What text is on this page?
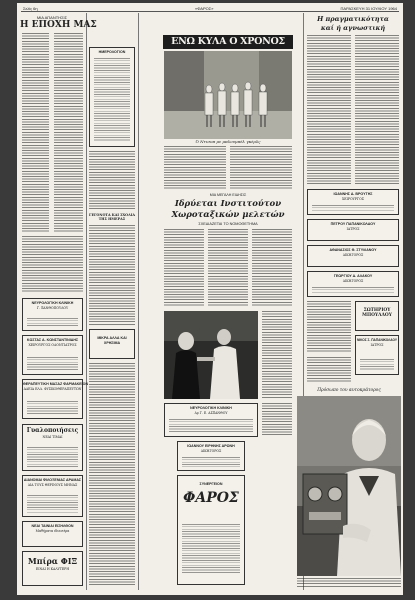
Σελίς 6η	«ΦΑΡΟΣ»	ΠΑΡΑΣΚΕΥΗ 31 ΙΟΥΛΙΟΥ 1964
ΜΙΑ ΑΠΑΝΤΗΣΙΣ
Η ΕΠΟΧΗ ΜΑΣ
ΝΕΥΡΟΛΟΓΙΚΗ ΚΛΙΝΙΚΗ
Γ. ΞΑΝΘΟΠΟΥΛΟΥ
ΚΩΣΤΑΣ Α. ΚΩΝΣΤΑΝΤΙΝΙΔΗΣ
ΧΕΙΡΟΥΡΓΟΣ ΟΔΟΝΤΙΑΤΡΟΣ
ΘΕΡΑΠΕΥΤΙΚΗ ΜΑΣΑΖ ΦΑΡΜΑΚΕΙΟΝ
ΑΔΕΙΑ ΕΛΛ. ΦΥΣΙΚΟΘΕΡΑΠΕΥΤΩΝ
Γυαλοποιήσεις
ΝΕΑΙ ΤΙΜΑΙ
ΔΙΑΝΟΜΑΙ ΦΙΛΟΞΕΝΙΑΣ ΔΡΑΜΑΣ
ΔΙΑ ΤΟΥΣ ΘΕΡΙΝΟΥΣ ΜΗΝΑΣ
ΝΕΑΙ ΤΑΙΝΙΑΙ ΕΙΣΗΛΘΟΝ
Μαθήματα ιδιαιτέρα
Μπίρα ΦΙΞ
ΕΙΝΑΙ Η ΚΑΛΥΤΕΡΗ
ΗΜΕΡΟΛΟΓΙΟΝ
ΓΕΓΟΝΟΤΑ ΚΑΙ ΣΧΟΛΙΑ ΤΗΣ ΗΜΕΡΑΣ
ΜΙΚΡΑ ΑΛΛΑ ΚΑΙ ΧΡΗΣΙΜΑ
ΕΝΩ ΚΥΛΑ Ο ΧΡΟΝΟΣ
Ό Ντισοπ με μπλουμπέλ γκέρλς
ΜΙΑ ΜΕΓΑΛΗ ΕΙΔΗΣΙΣ
Ιδρύεται Ινστιτούτον
Χωροταξικών μελετών
ΣΧΕΔΙΑΖΕΤΑΙ ΤΟ ΝΟΜΟΘΕΤΗΜΑ
ΝΕΥΡΟΛΟΓΙΚΗ ΚΛΙΝΙΚΗ
Δρ Γ. Ε. ΑΣΞΑΝΘΟΥ
ΙΩΑΝΝΟΥ ΕΙΡΗΝΗΣ ΑΡΩΝΗ
ΔΙΚΗΓΟΡΟΣ
ΣΥΝΕΡΓΕΙΟΝ
ΦΑΡΟΣ
Η πραγματικότητα
καί ή αγνωστική
ΙΩΑΝΝΗΣ Δ. ΒΡΟΥΤΗΣ
ΧΕΙΡΟΥΡΓΟΣ
ΠΕΤΡΟΥ ΠΑΠΑΝΙΚΟΛΑΟΥ
ΙΑΤΡΟΣ
ΑΘΑΝΑΣΙΟΣ Θ. ΣΤΥΛΙΑΝΟΥ
ΔΙΚΗΓΟΡΟΣ
ΓΕΩΡΓΙΟΥ Δ. ΑΛΑΚΟΥ
ΔΙΚΗΓΟΡΟΣ
ΣΩΤΗΡΙΟΥ ΜΠΟΥΛΛΟΥ
ΝΙΚΟΣ Σ. ΠΑΠΑΝΙΚΟΛΑΟΥ
ΙΑΤΡΟΣ
Πρόσωπο του αυτοκράτορος
